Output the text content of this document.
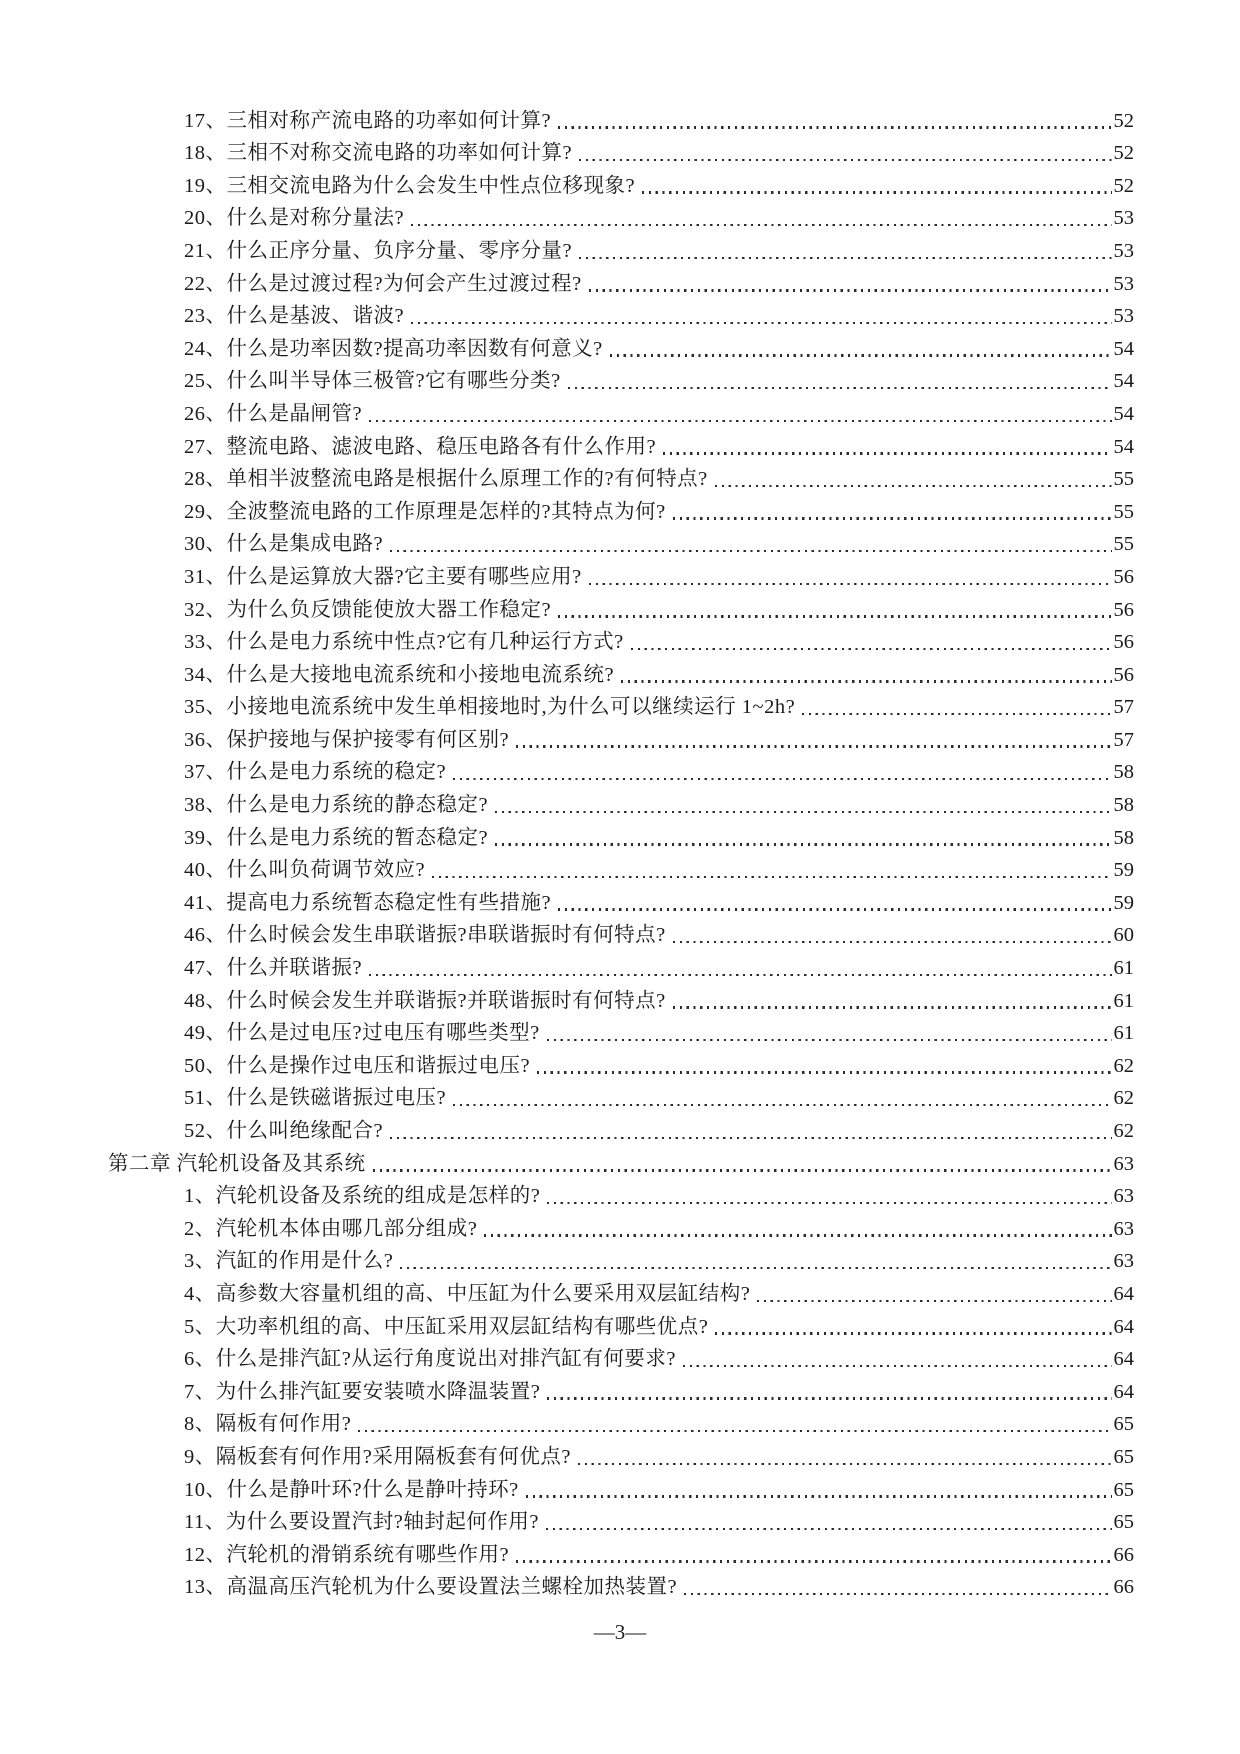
17、三相对称产流电路的功率如何计算?	52
18、三相不对称交流电路的功率如何计算?	52
19、三相交流电路为什么会发生中性点位移现象?	52
20、什么是对称分量法?	53
21、什么正序分量、负序分量、零序分量?	53
22、什么是过渡过程?为何会产生过渡过程?	53
23、什么是基波、谐波?	53
24、什么是功率因数?提高功率因数有何意义?	54
25、什么叫半导体三极管?它有哪些分类?	54
26、什么是晶闸管?	54
27、整流电路、滤波电路、稳压电路各有什么作用?	54
28、单相半波整流电路是根据什么原理工作的?有何特点?	55
29、全波整流电路的工作原理是怎样的?其特点为何?	55
30、什么是集成电路?	55
31、什么是运算放大器?它主要有哪些应用?	56
32、为什么负反馈能使放大器工作稳定?	56
33、什么是电力系统中性点?它有几种运行方式?	56
34、什么是大接地电流系统和小接地电流系统?	56
35、小接地电流系统中发生单相接地时,为什么可以继续运行 1~2h?	57
36、保护接地与保护接零有何区别?	57
37、什么是电力系统的稳定?	58
38、什么是电力系统的静态稳定?	58
39、什么是电力系统的暂态稳定?	58
40、什么叫负荷调节效应?	59
41、提高电力系统暂态稳定性有些措施?	59
46、什么时候会发生串联谐振?串联谐振时有何特点?	60
47、什么并联谐振?	61
48、什么时候会发生并联谐振?并联谐振时有何特点?	61
49、什么是过电压?过电压有哪些类型?	61
50、什么是操作过电压和谐振过电压?	62
51、什么是铁磁谐振过电压?	62
52、什么叫绝缘配合?	62
第二章 汽轮机设备及其系统	63
1、汽轮机设备及系统的组成是怎样的?	63
2、汽轮机本体由哪几部分组成?	63
3、汽缸的作用是什么?	63
4、高参数大容量机组的高、中压缸为什么要采用双层缸结构?	64
5、大功率机组的高、中压缸采用双层缸结构有哪些优点?	64
6、什么是排汽缸?从运行角度说出对排汽缸有何要求?	64
7、为什么排汽缸要安装喷水降温装置?	64
8、隔板有何作用?	65
9、隔板套有何作用?采用隔板套有何优点?	65
10、什么是静叶环?什么是静叶持环?	65
11、为什么要设置汽封?轴封起何作用?	65
12、汽轮机的滑销系统有哪些作用?	66
13、高温高压汽轮机为什么要设置法兰螺栓加热装置?	66
—3—
